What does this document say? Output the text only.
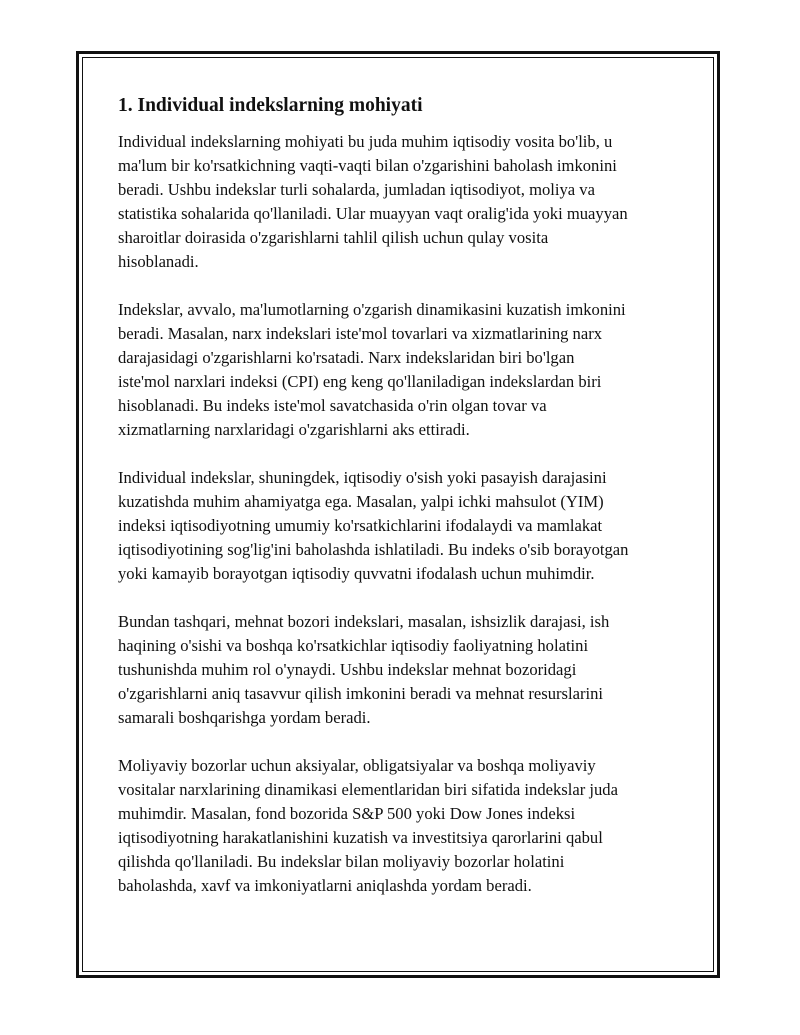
1. Individual indekslarning mohiyati

Individual indekslarning mohiyati bu juda muhim iqtisodiy vosita bo'lib, u
ma'lum bir ko'rsatkichning vaqti-vaqti bilan o'zgarishini baholash imkonini
beradi. Ushbu indekslar turli sohalarda, jumladan iqtisodiyot, moliya va
statistika sohalarida qo'llaniladi. Ular muayyan vaqt oralig'ida yoki muayyan
sharoitlar doirasida o'zgarishlarni tahlil qilish uchun qulay vosita
hisoblanadi.

Indekslar, avvalo, ma'lumotlarning o'zgarish dinamikasini kuzatish imkonini
beradi. Masalan, narx indekslari iste'mol tovarlari va xizmatlarining narx
darajasidagi o'zgarishlarni ko'rsatadi. Narx indekslaridan biri bo'lgan
iste'mol narxlari indeksi (CPI) eng keng qo'llaniladigan indekslardan biri
hisoblanadi. Bu indeks iste'mol savatchasida o'rin olgan tovar va
xizmatlarning narxlaridagi o'zgarishlarni aks ettiradi.

Individual indekslar, shuningdek, iqtisodiy o'sish yoki pasayish darajasini
kuzatishda muhim ahamiyatga ega. Masalan, yalpi ichki mahsulot (YIM)
indeksi iqtisodiyotning umumiy ko'rsatkichlarini ifodalaydi va mamlakat
iqtisodiyotining sog'lig'ini baholashda ishlatiladi. Bu indeks o'sib borayotgan
yoki kamayib borayotgan iqtisodiy quvvatni ifodalash uchun muhimdir.

Bundan tashqari, mehnat bozori indekslari, masalan, ishsizlik darajasi, ish
haqining o'sishi va boshqa ko'rsatkichlar iqtisodiy faoliyatning holatini
tushunishda muhim rol o'ynaydi. Ushbu indekslar mehnat bozoridagi
o'zgarishlarni aniq tasavvur qilish imkonini beradi va mehnat resurslarini
samarali boshqarishga yordam beradi.

Moliyaviy bozorlar uchun aksiyalar, obligatsiyalar va boshqa moliyaviy
vositalar narxlarining dinamikasi elementlaridan biri sifatida indekslar juda
muhimdir. Masalan, fond bozorida S&P 500 yoki Dow Jones indeksi
iqtisodiyotning harakatlanishini kuzatish va investitsiya qarorlarini qabul
qilishda qo'llaniladi. Bu indekslar bilan moliyaviy bozorlar holatini
baholashda, xavf va imkoniyatlarni aniqlashda yordam beradi.
